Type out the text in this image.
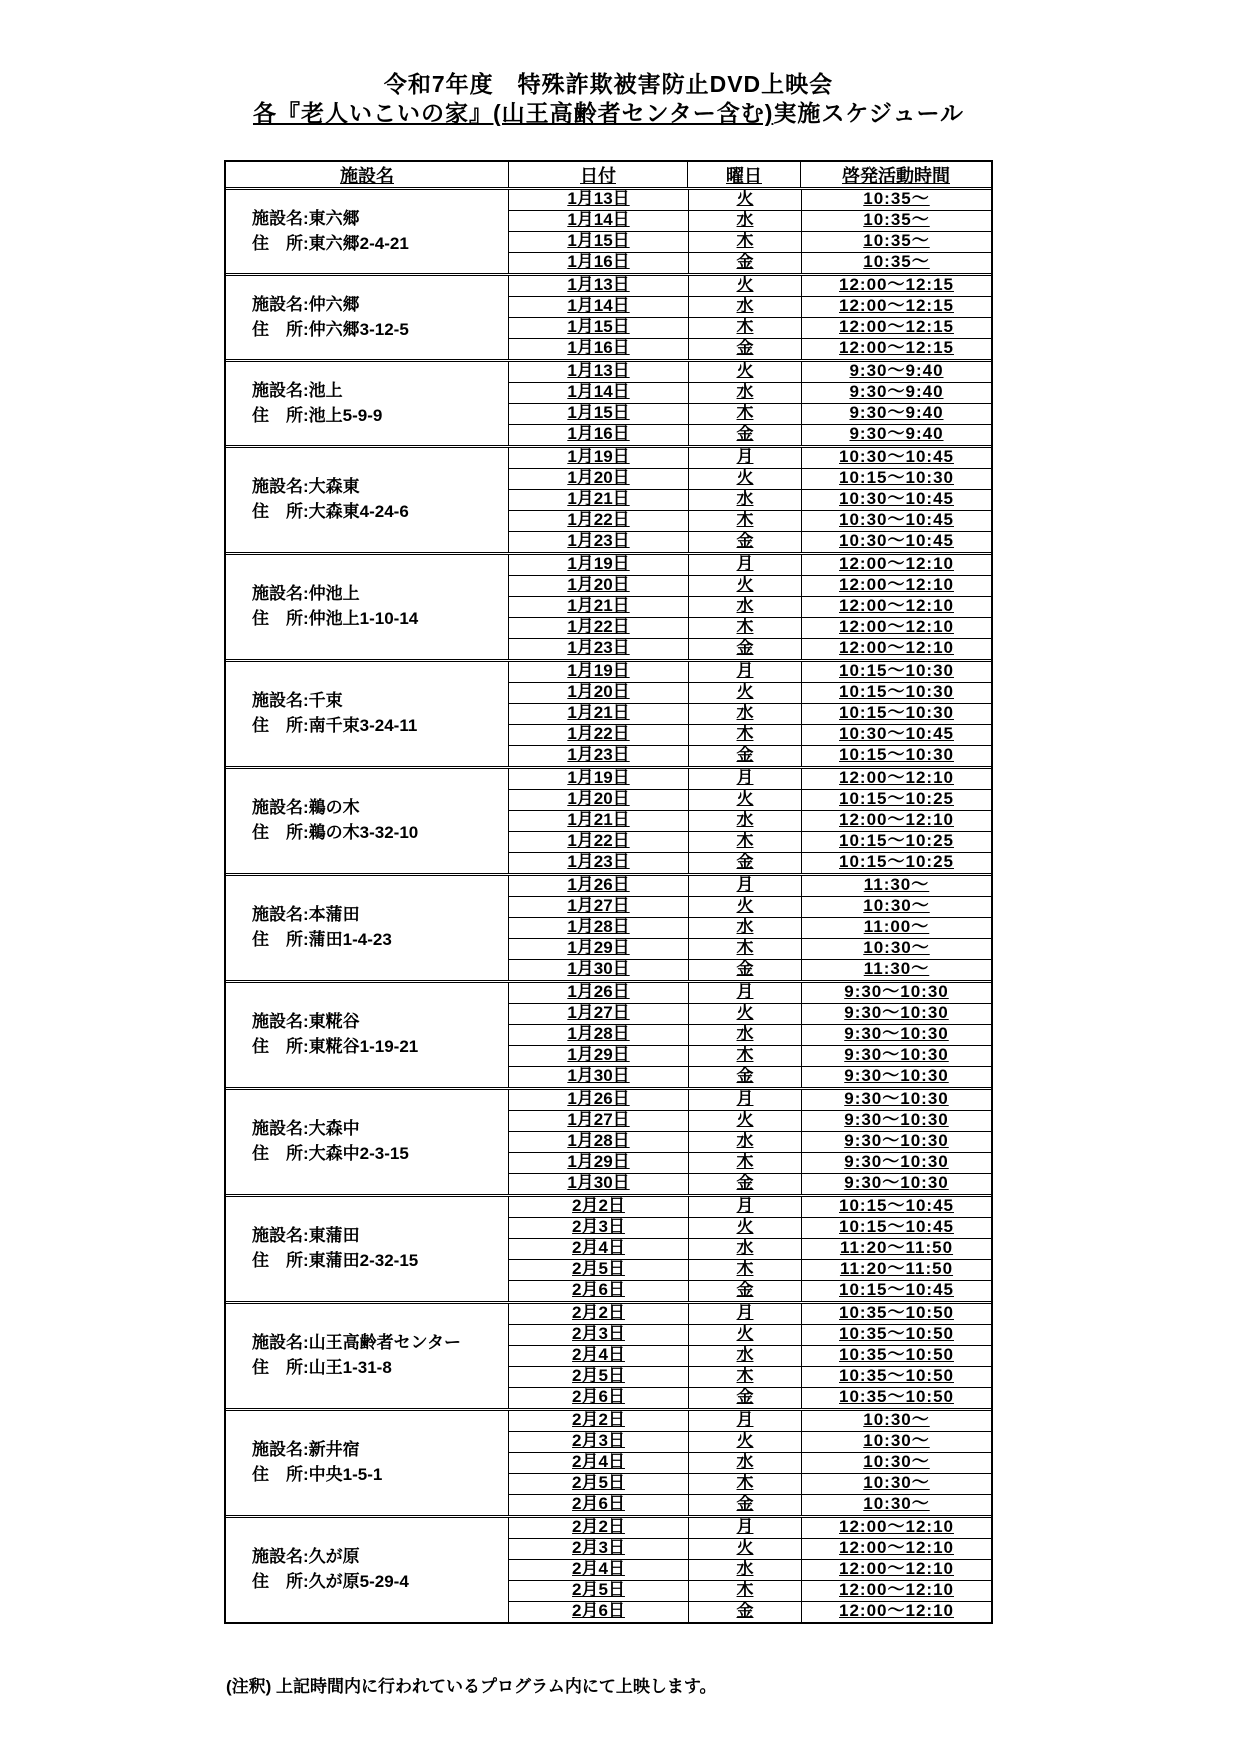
令和7年度　特殊詐欺被害防止DVD上映会
各『老人いこいの家』(山王高齢者センター含む)実施スケジュール
施設名	日付	曜日	啓発活動時間
施設名:東六郷
住　所:東六郷2-4-21
1月13日	火	10:35～
1月14日	水	10:35～
1月15日	木	10:35～
1月16日	金	10:35～
施設名:仲六郷
住　所:仲六郷3-12-5
1月13日	火	12:00～12:15
1月14日	水	12:00～12:15
1月15日	木	12:00～12:15
1月16日	金	12:00～12:15
施設名:池上
住　所:池上5-9-9
1月13日	火	9:30～9:40
1月14日	水	9:30～9:40
1月15日	木	9:30～9:40
1月16日	金	9:30～9:40
施設名:大森東
住　所:大森東4-24-6
1月19日	月	10:30～10:45
1月20日	火	10:15～10:30
1月21日	水	10:30～10:45
1月22日	木	10:30～10:45
1月23日	金	10:30～10:45
施設名:仲池上
住　所:仲池上1-10-14
1月19日	月	12:00～12:10
1月20日	火	12:00～12:10
1月21日	水	12:00～12:10
1月22日	木	12:00～12:10
1月23日	金	12:00～12:10
施設名:千束
住　所:南千束3-24-11
1月19日	月	10:15～10:30
1月20日	火	10:15～10:30
1月21日	水	10:15～10:30
1月22日	木	10:30～10:45
1月23日	金	10:15～10:30
施設名:鵜の木
住　所:鵜の木3-32-10
1月19日	月	12:00～12:10
1月20日	火	10:15～10:25
1月21日	水	12:00～12:10
1月22日	木	10:15～10:25
1月23日	金	10:15～10:25
施設名:本蒲田
住　所:蒲田1-4-23
1月26日	月	11:30～
1月27日	火	10:30～
1月28日	水	11:00～
1月29日	木	10:30～
1月30日	金	11:30～
施設名:東糀谷
住　所:東糀谷1-19-21
1月26日	月	9:30～10:30
1月27日	火	9:30～10:30
1月28日	水	9:30～10:30
1月29日	木	9:30～10:30
1月30日	金	9:30～10:30
施設名:大森中
住　所:大森中2-3-15
1月26日	月	9:30～10:30
1月27日	火	9:30～10:30
1月28日	水	9:30～10:30
1月29日	木	9:30～10:30
1月30日	金	9:30～10:30
施設名:東蒲田
住　所:東蒲田2-32-15
2月2日	月	10:15～10:45
2月3日	火	10:15～10:45
2月4日	水	11:20～11:50
2月5日	木	11:20～11:50
2月6日	金	10:15～10:45
施設名:山王高齢者センター
住　所:山王1-31-8
2月2日	月	10:35～10:50
2月3日	火	10:35～10:50
2月4日	水	10:35～10:50
2月5日	木	10:35～10:50
2月6日	金	10:35～10:50
施設名:新井宿
住　所:中央1-5-1
2月2日	月	10:30～
2月3日	火	10:30～
2月4日	水	10:30～
2月5日	木	10:30～
2月6日	金	10:30～
施設名:久が原
住　所:久が原5-29-4
2月2日	月	12:00～12:10
2月3日	火	12:00～12:10
2月4日	水	12:00～12:10
2月5日	木	12:00～12:10
2月6日	金	12:00～12:10
(注釈) 上記時間内に行われているプログラム内にて上映します。
